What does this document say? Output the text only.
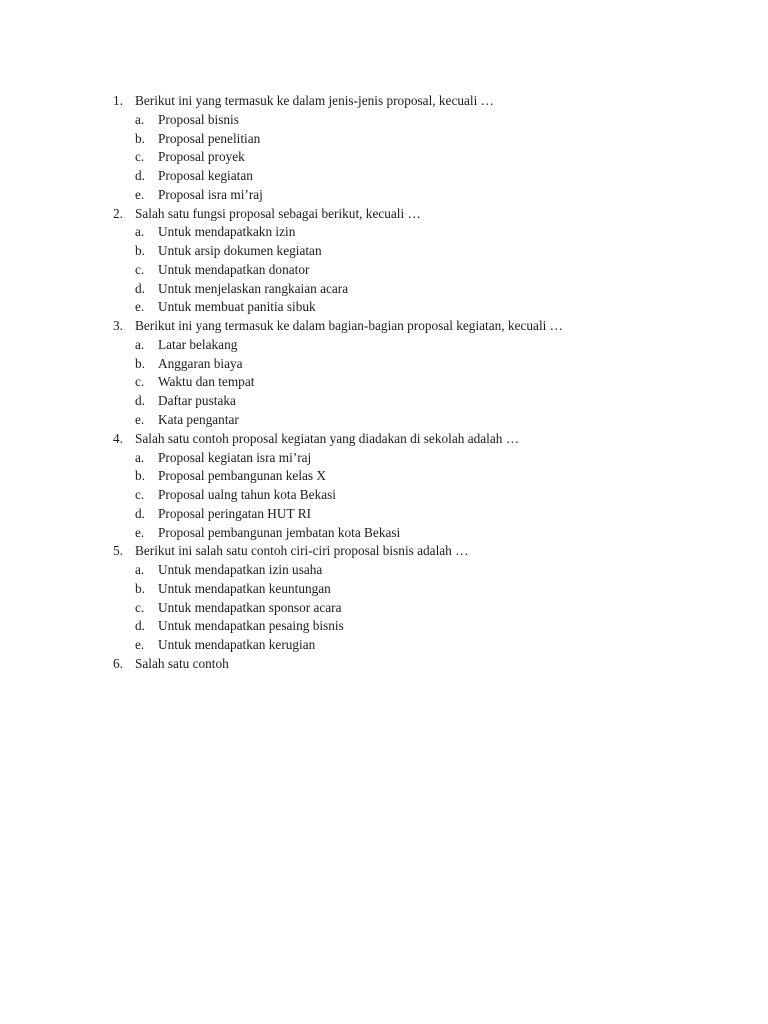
1. Berikut ini yang termasuk ke dalam jenis-jenis proposal, kecuali …
a.	Proposal bisnis
b. Proposal penelitian
c.	Proposal proyek
d. Proposal kegiatan
e.	Proposal isra mi’raj
2. Salah satu fungsi proposal sebagai berikut, kecuali …
a.	Untuk mendapatkakn izin
b. Untuk arsip dokumen kegiatan
c.	Untuk mendapatkan donator
d. Untuk menjelaskan rangkaian acara
e.	Untuk membuat panitia sibuk
3. Berikut ini yang termasuk ke dalam bagian-bagian proposal kegiatan, kecuali …
a.	Latar belakang
b. Anggaran biaya
c.	Waktu dan tempat
d. Daftar pustaka
e.	Kata pengantar
4. Salah satu contoh proposal kegiatan yang diadakan di sekolah adalah …
a.	Proposal kegiatan isra mi’raj
b. Proposal pembangunan kelas X
c.	Proposal ualng tahun kota Bekasi
d. Proposal peringatan HUT RI
e.	Proposal pembangunan jembatan kota Bekasi
5. Berikut ini salah satu contoh ciri-ciri proposal bisnis adalah …
a.	Untuk mendapatkan izin usaha
b. Untuk mendapatkan keuntungan
c.	Untuk mendapatkan sponsor acara
d. Untuk mendapatkan pesaing bisnis
e.	Untuk mendapatkan kerugian
6. Salah satu contoh
